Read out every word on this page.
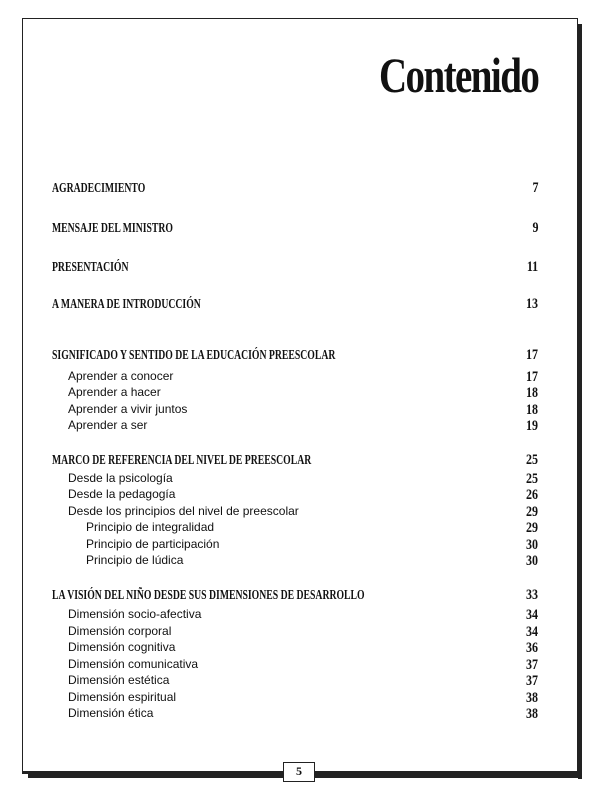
Contenido
AGRADECIMIENTO	7
MENSAJE DEL MINISTRO	9
PRESENTACIÓN	11
A MANERA DE INTRODUCCIÓN	13
SIGNIFICADO Y SENTIDO DE LA EDUCACIÓN PREESCOLAR	17
Aprender a conocer	17
Aprender a hacer	18
Aprender a vivir juntos	18
Aprender a ser	19
MARCO DE REFERENCIA DEL NIVEL DE PREESCOLAR	25
Desde la psicología	25
Desde la pedagogía	26
Desde los principios del nivel de preescolar	29
Principio de integralidad	29
Principio de participación	30
Principio de lúdica	30
LA VISIÓN DEL NIÑO DESDE SUS DIMENSIONES DE DESARROLLO	33
Dimensión socio-afectiva	34
Dimensión corporal	34
Dimensión cognitiva	36
Dimensión comunicativa	37
Dimensión estética	37
Dimensión espiritual	38
Dimensión ética	38
5
